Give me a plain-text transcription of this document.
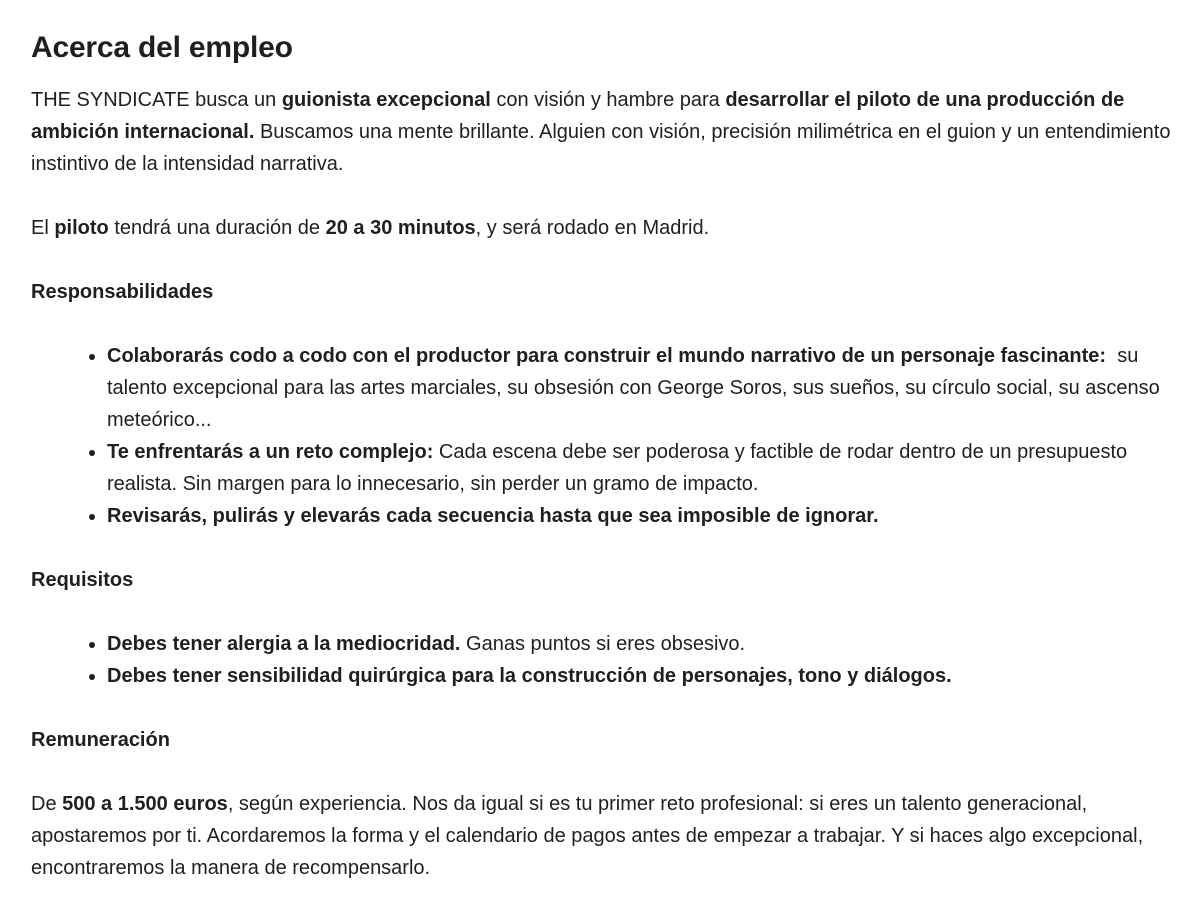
Acerca del empleo

THE SYNDICATE busca un guionista excepcional con visión y hambre para desarrollar el piloto de una producción de ambición internacional. Buscamos una mente brillante. Alguien con visión, precisión milimétrica en el guion y un entendimiento instintivo de la intensidad narrativa.

El piloto tendrá una duración de 20 a 30 minutos, y será rodado en Madrid.

Responsabilidades

• Colaborarás codo a codo con el productor para construir el mundo narrativo de un personaje fascinante:  su talento excepcional para las artes marciales, su obsesión con George Soros, sus sueños, su círculo social, su ascenso meteórico...
• Te enfrentarás a un reto complejo: Cada escena debe ser poderosa y factible de rodar dentro de un presupuesto realista. Sin margen para lo innecesario, sin perder un gramo de impacto.
• Revisarás, pulirás y elevarás cada secuencia hasta que sea imposible de ignorar.

Requisitos

• Debes tener alergia a la mediocridad. Ganas puntos si eres obsesivo.
• Debes tener sensibilidad quirúrgica para la construcción de personajes, tono y diálogos.

Remuneración

De 500 a 1.500 euros, según experiencia. Nos da igual si es tu primer reto profesional: si eres un talento generacional, apostaremos por ti. Acordaremos la forma y el calendario de pagos antes de empezar a trabajar. Y si haces algo excepcional, encontraremos la manera de recompensarlo.
